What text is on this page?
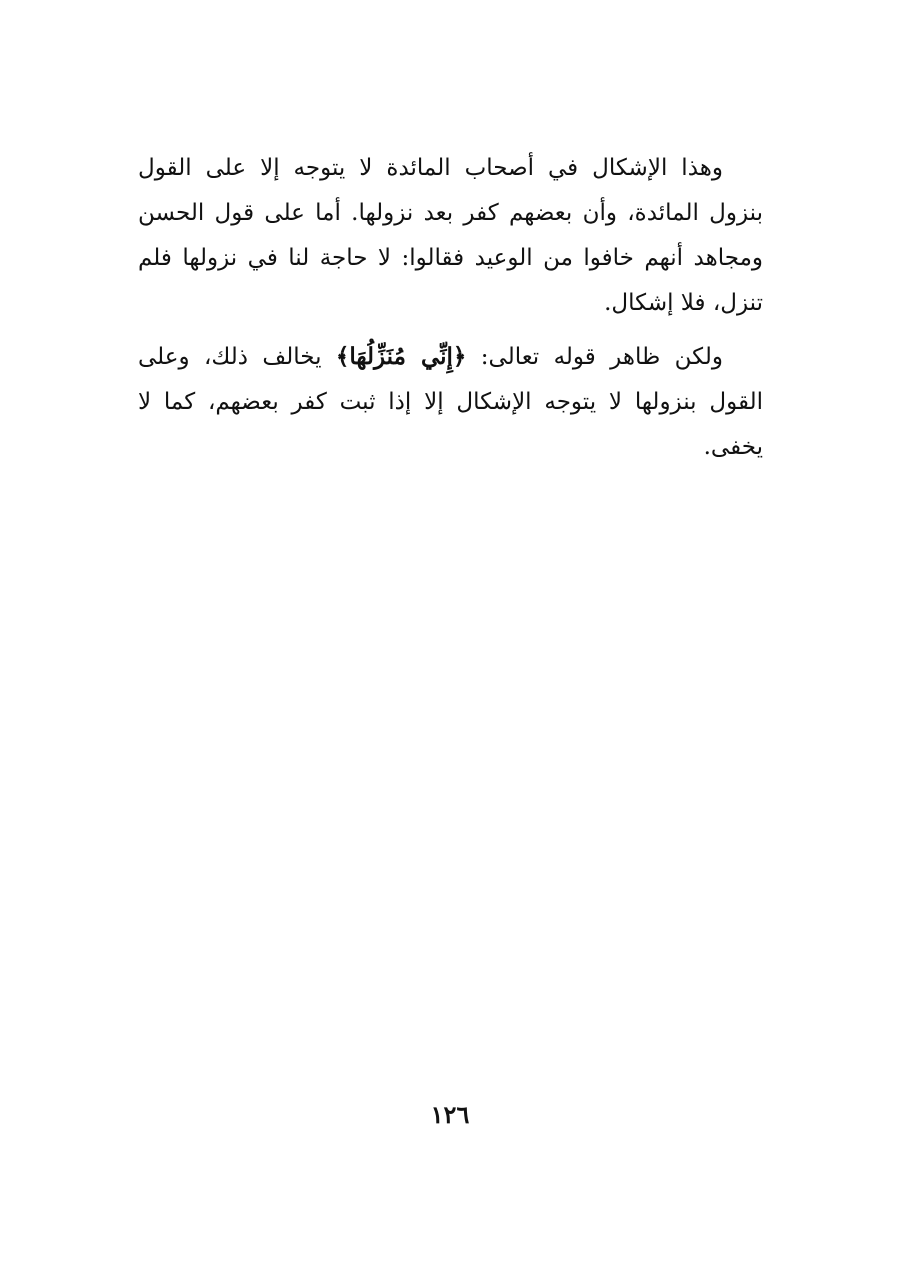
وهذا الإشكال في أصحاب المائدة لا يتوجه إلا على القول بنزول المائدة، وأن بعضهم كفر بعد نزولها. أما على قول الحسن ومجاهد أنهم خافوا من الوعيد فقالوا: لا حاجة لنا في نزولها فلم تنزل، فلا إشكال.

ولكن ظاهر قوله تعالى: ﴿إِنِّي مُنَزِّلُهَا﴾ يخالف ذلك، وعلى القول بنزولها لا يتوجه الإشكال إلا إذا ثبت كفر بعضهم، كما لا يخفى.

١٢٦
